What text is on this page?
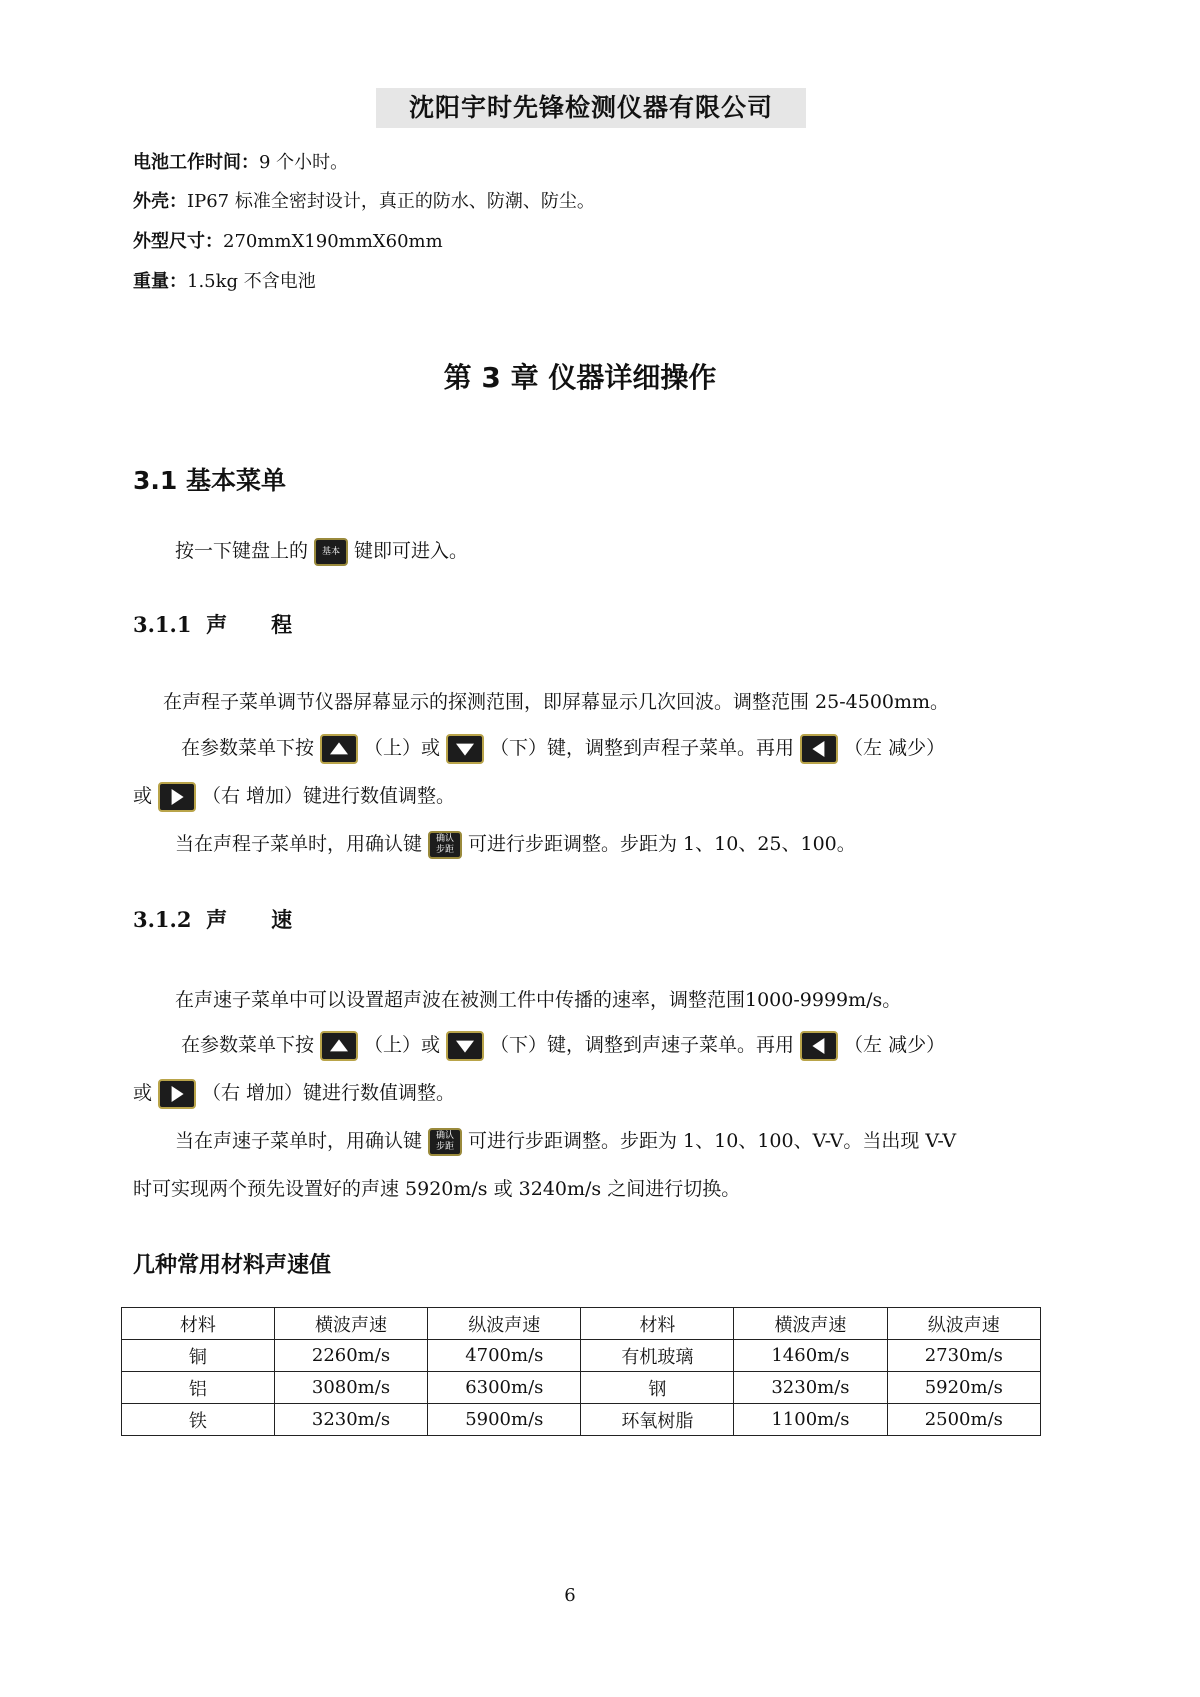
沈阳宇时先锋检测仪器有限公司
电池工作时间：9 个小时。
外壳：IP67 标准全密封设计，真正的防水、防潮、防尘。
外型尺寸：270mmX190mmX60mm
重量：1.5kg 不含电池
第 3 章 仪器详细操作
3.1 基本菜单
按一下键盘上的	基本 键即可进入。
3.1.1 声 程
在声程子菜单调节仪器屏幕显示的探测范围，即屏幕显示几次回波。调整范围 25-4500mm。
在参数菜单下按	（上）或	（下）键，调整到声程子菜单。再用	（左 减少）
或	（右 增加）键进行数值调整。
当在声程子菜单时，用确认键 确认
步距 可进行步距调整。步距为 1、10、25、100。
3.1.2 声 速
在声速子菜单中可以设置超声波在被测工件中传播的速率，调整范围1000-9999m/s。
在参数菜单下按	（上）或	（下）键，调整到声速子菜单。再用	（左 减少）
或	（右 增加）键进行数值调整。
当在声速子菜单时，用确认键 确认
步距 可进行步距调整。步距为 1、10、100、V-V。当出现 V-V
时可实现两个预先设置好的声速 5920m/s 或 3240m/s 之间进行切换。
几种常用材料声速值
材料	横波声速	纵波声速	材料	横波声速	纵波声速
铜	2260m/s	4700m/s	有机玻璃	1460m/s	2730m/s
铝	3080m/s	6300m/s	钢	3230m/s	5920m/s
铁	3230m/s	5900m/s	环氧树脂	1100m/s	2500m/s
6
